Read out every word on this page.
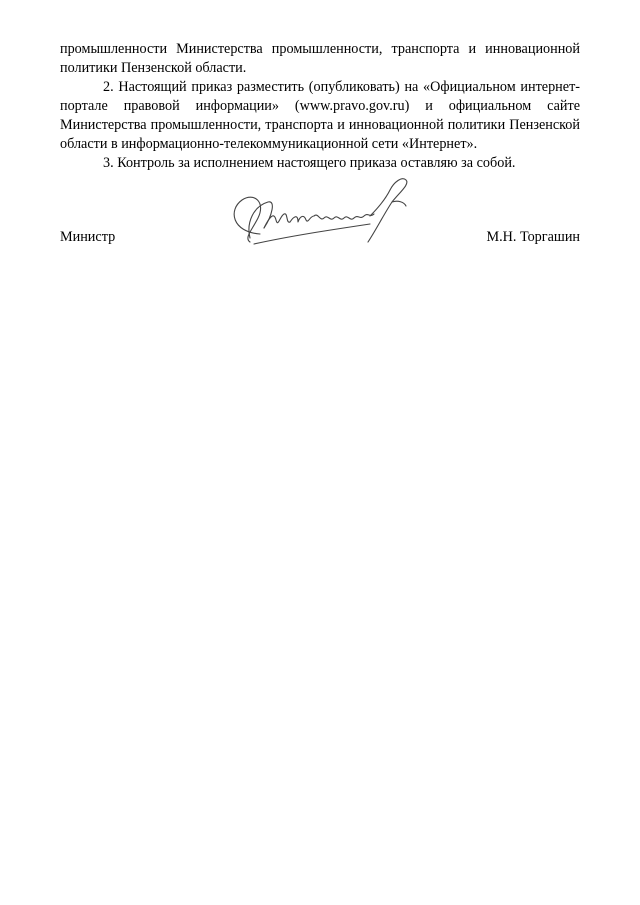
промышленности Министерства промышленности, транспорта и инновационной политики Пензенской области.

2. Настоящий приказ разместить (опубликовать) на «Официальном интернет-портале правовой информации» (www.pravo.gov.ru) и официальном сайте Министерства промышленности, транспорта и инновационной политики Пензенской области в информационно-телекоммуникационной сети «Интернет».

3. Контроль за исполнением настоящего приказа оставляю за собой.

Министр	М.Н. Торгашин
